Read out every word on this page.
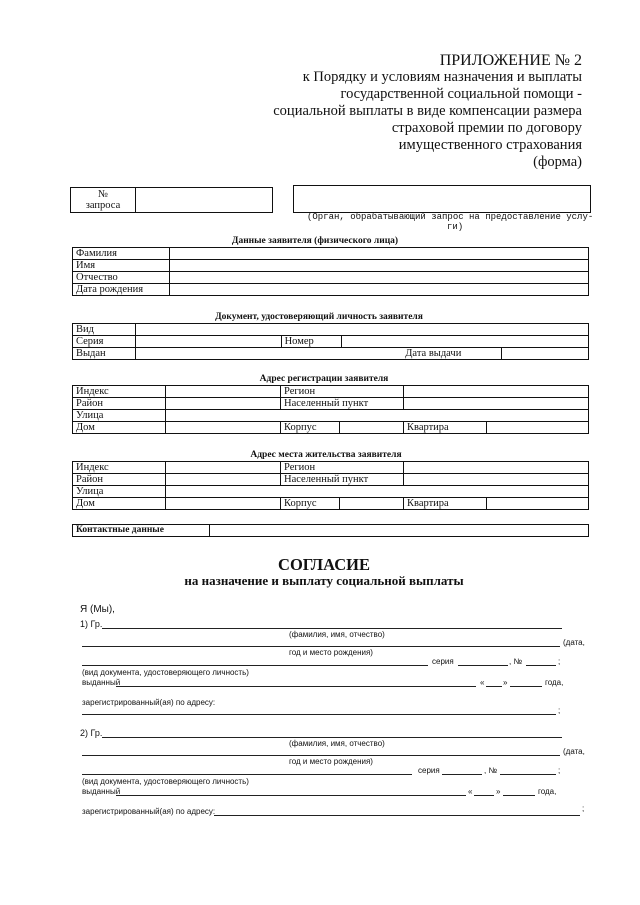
ПРИЛОЖЕНИЕ № 2
к Порядку и условиям назначения и выплаты
государственной социальной помощи -
социальной выплаты в виде компенсации размера
страховой премии по договору
имущественного страхования
(форма)
№
запроса

(Орган, обрабатывающий запрос на предоставление услу-
ги)
Данные заявителя (физического лица)
Фамилия	
Имя	
Отчество	
Дата рождения	
Документ, удостоверяющий личность заявителя
Вид				
Серия		Номер		
Выдан			Дата выдачи	
Адрес регистрации заявителя
Индекс		Регион		
Район		Населенный пункт		
Улица				
Дом		Корпус	Квартира	
Адрес места жительства заявителя
Индекс		Регион		
Район		Населенный пункт		
Улица				
Дом		Корпус	Квартира	
Контактные данные	
СОГЛАСИЕ
на назначение и выплату социальной выплаты
Я (Мы),
1) Гр.
(фамилия, имя, отчество)
(дата,
год и место рождения)
серия	, №	;
(вид документа, удостоверяющего личность)
выданный	« »	года,
зарегистрированный(ая) по адресу:
;
2) Гр.
(фамилия, имя, отчество)
(дата,
год и место рождения)
серия	, №	;
(вид документа, удостоверяющего личность)
выданный	«	»	года,
зарегистрированный(ая) по адресу:	;
